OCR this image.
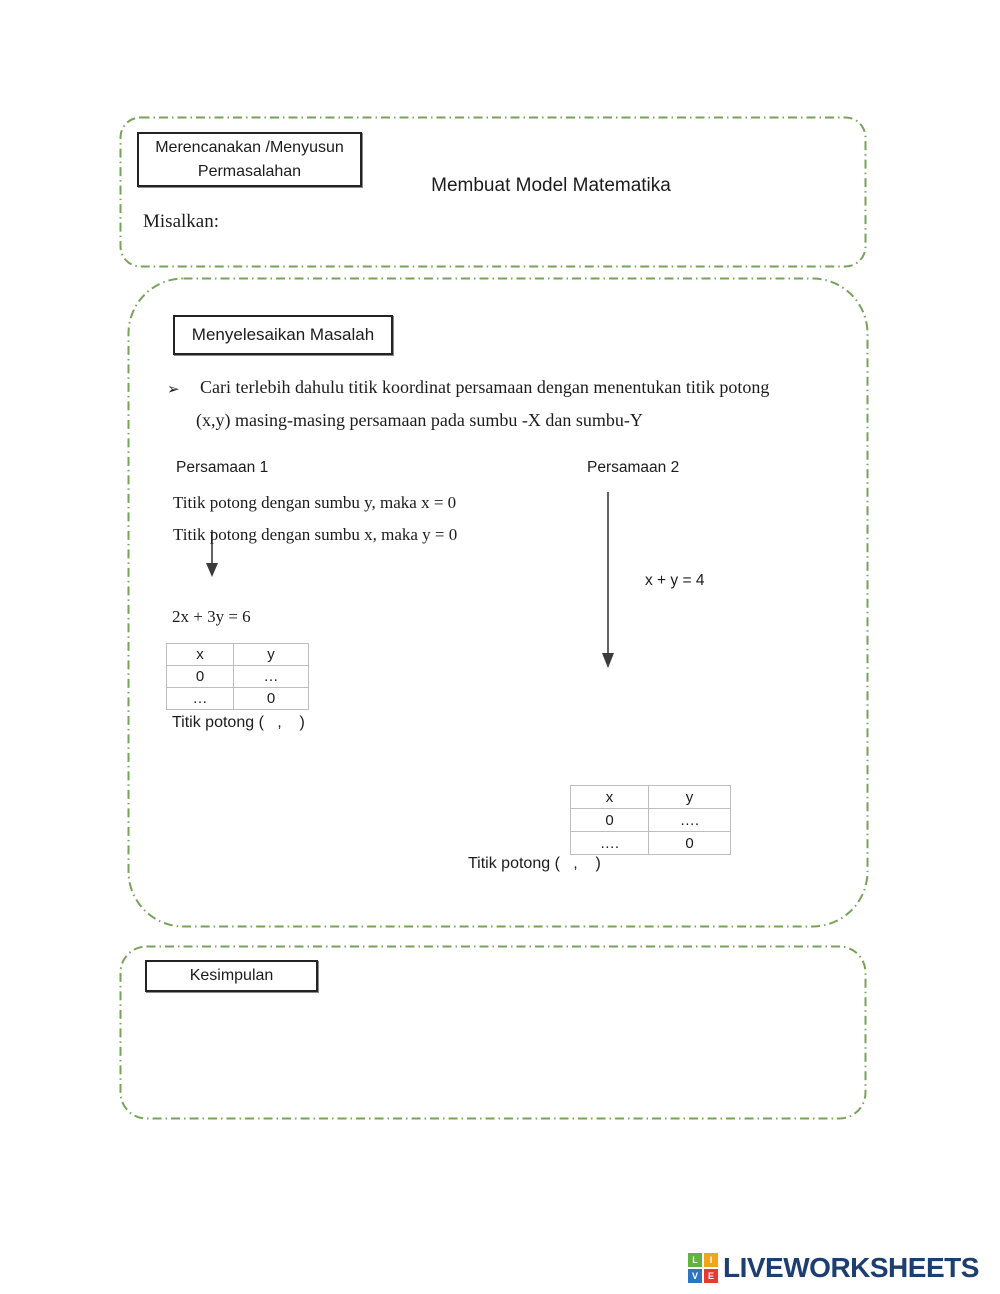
Merencanakan /Menyusun
Permasalahan
Membuat Model Matematika
Misalkan:
Menyelesaikan Masalah
➢ Cari terlebih dahulu titik koordinat persamaan dengan menentukan titik potong
(x,y) masing-masing persamaan pada sumbu -X dan sumbu-Y
Persamaan 1	Persamaan 2
Titik potong dengan sumbu y, maka x = 0
Titik potong dengan sumbu x, maka y = 0
x + y = 4
2x + 3y = 6
x	y
0	…
…	0
Titik potong (   ,    )
x	y
0	….
….	0
Titik potong (   ,    )
Kesimpulan
L	I
V	E LIVEWORKSHEETS
